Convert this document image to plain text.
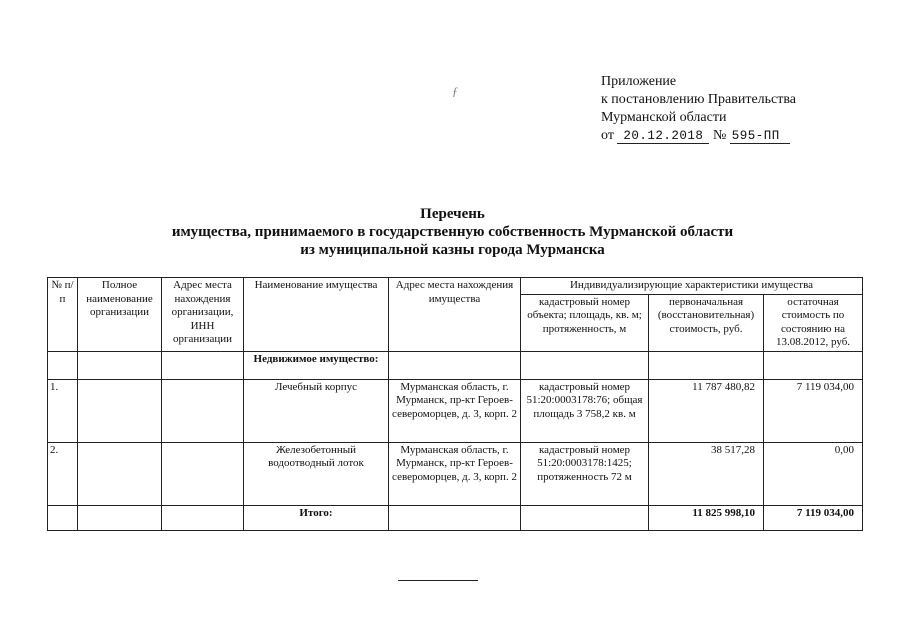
Приложение
к постановлению Правительства
Мурманской области
от 20.12.2018 № 595-ПП
ƒ
Перечень
имущества, принимаемого в государственную собственность Мурманской области
из муниципальной казны города Мурманска
№ п/п	Полное наименование организации	Адрес места нахождения организации, ИНН организации	Наименование имущества	Адрес места нахождения имущества	Индивидуализирующие характеристики имущества		
					кадастровый номер объекта; площадь, кв. м; протяженность, м	первоначальная (восстановительная) стоимость, руб.	остаточная стоимость по состоянию на 13.08.2012, руб.
			Недвижимое имущество:				
1.			Лечебный корпус	Мурманская область, г. Мурманск, пр-кт Героев-североморцев, д. 3, корп. 2	кадастровый номер 51:20:0003178:76; общая площадь 3 758,2 кв. м	11 787 480,82	7 119 034,00
2.			Железобетонный водоотводный лоток	Мурманская область, г. Мурманск, пр-кт Героев-североморцев, д. 3, корп. 2	кадастровый номер 51:20:0003178:1425; протяженность 72 м	38 517,28	0,00
			Итого:			11 825 998,10	7 119 034,00
